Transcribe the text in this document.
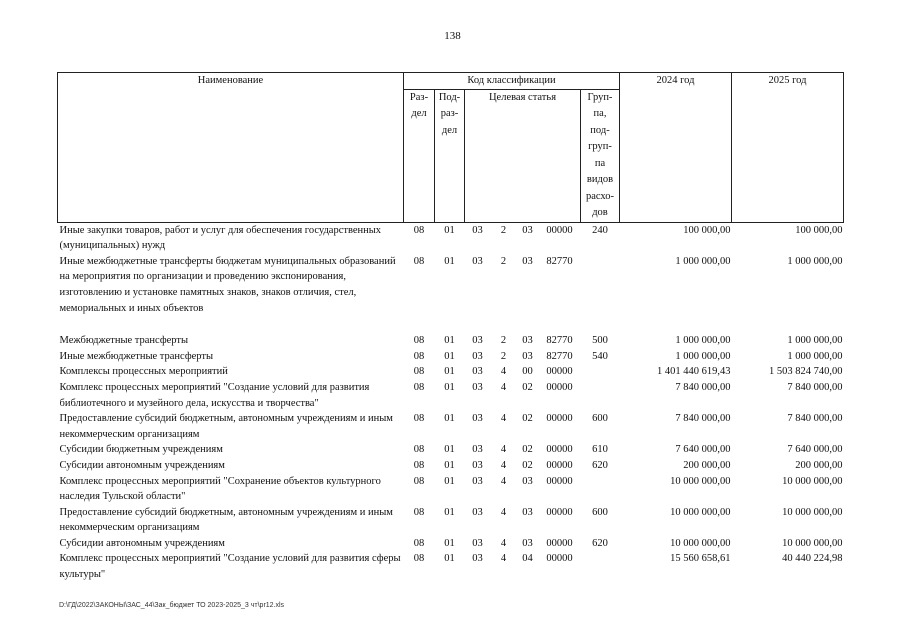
138
Наименование	Код классификации							2024 год	2025 год
	Раз- дел	Под- раз- дел	Целевая статья				Груп- па, под- груп- па видов расхо- дов		
Иные закупки товаров, работ и услуг для обеспечения государственных (муниципальных) нужд	08	01	03	2	03	00000	240	100 000,00	100 000,00
Иные межбюджетные трансферты бюджетам муниципальных образований на мероприятия по организации и проведению экспонирования, изготовлению и установке памятных знаков, знаков отличия, стел, мемориальных и иных объектов	08	01	03	2	03	82770		1 000 000,00	1 000 000,00
Межбюджетные трансферты	08	01	03	2	03	82770	500	1 000 000,00	1 000 000,00
Иные межбюджетные трансферты	08	01	03	2	03	82770	540	1 000 000,00	1 000 000,00
Комплексы процессных мероприятий	08	01	03	4	00	00000		1 401 440 619,43	1 503 824 740,00
Комплекс процессных мероприятий "Создание условий для развития библиотечного и музейного дела, искусства и творчества"	08	01	03	4	02	00000		7 840 000,00	7 840 000,00
Предоставление субсидий бюджетным, автономным учреждениям и иным некоммерческим организациям	08	01	03	4	02	00000	600	7 840 000,00	7 840 000,00
Субсидии бюджетным учреждениям	08	01	03	4	02	00000	610	7 640 000,00	7 640 000,00
Субсидии автономным учреждениям	08	01	03	4	02	00000	620	200 000,00	200 000,00
Комплекс процессных мероприятий "Сохранение объектов культурного наследия Тульской области"	08	01	03	4	03	00000		10 000 000,00	10 000 000,00
Предоставление субсидий бюджетным, автономным учреждениям и иным некоммерческим организациям	08	01	03	4	03	00000	600	10 000 000,00	10 000 000,00
Субсидии автономным учреждениям	08	01	03	4	03	00000	620	10 000 000,00	10 000 000,00
Комплекс процессных мероприятий "Создание условий для развития сферы культуры"	08	01	03	4	04	00000		15 560 658,61	40 440 224,98
D:\ГД\2022\ЗАКОНЫ\ЗАС_44\Зак_бюджет ТО 2023-2025_3 чт\pr12.xls
